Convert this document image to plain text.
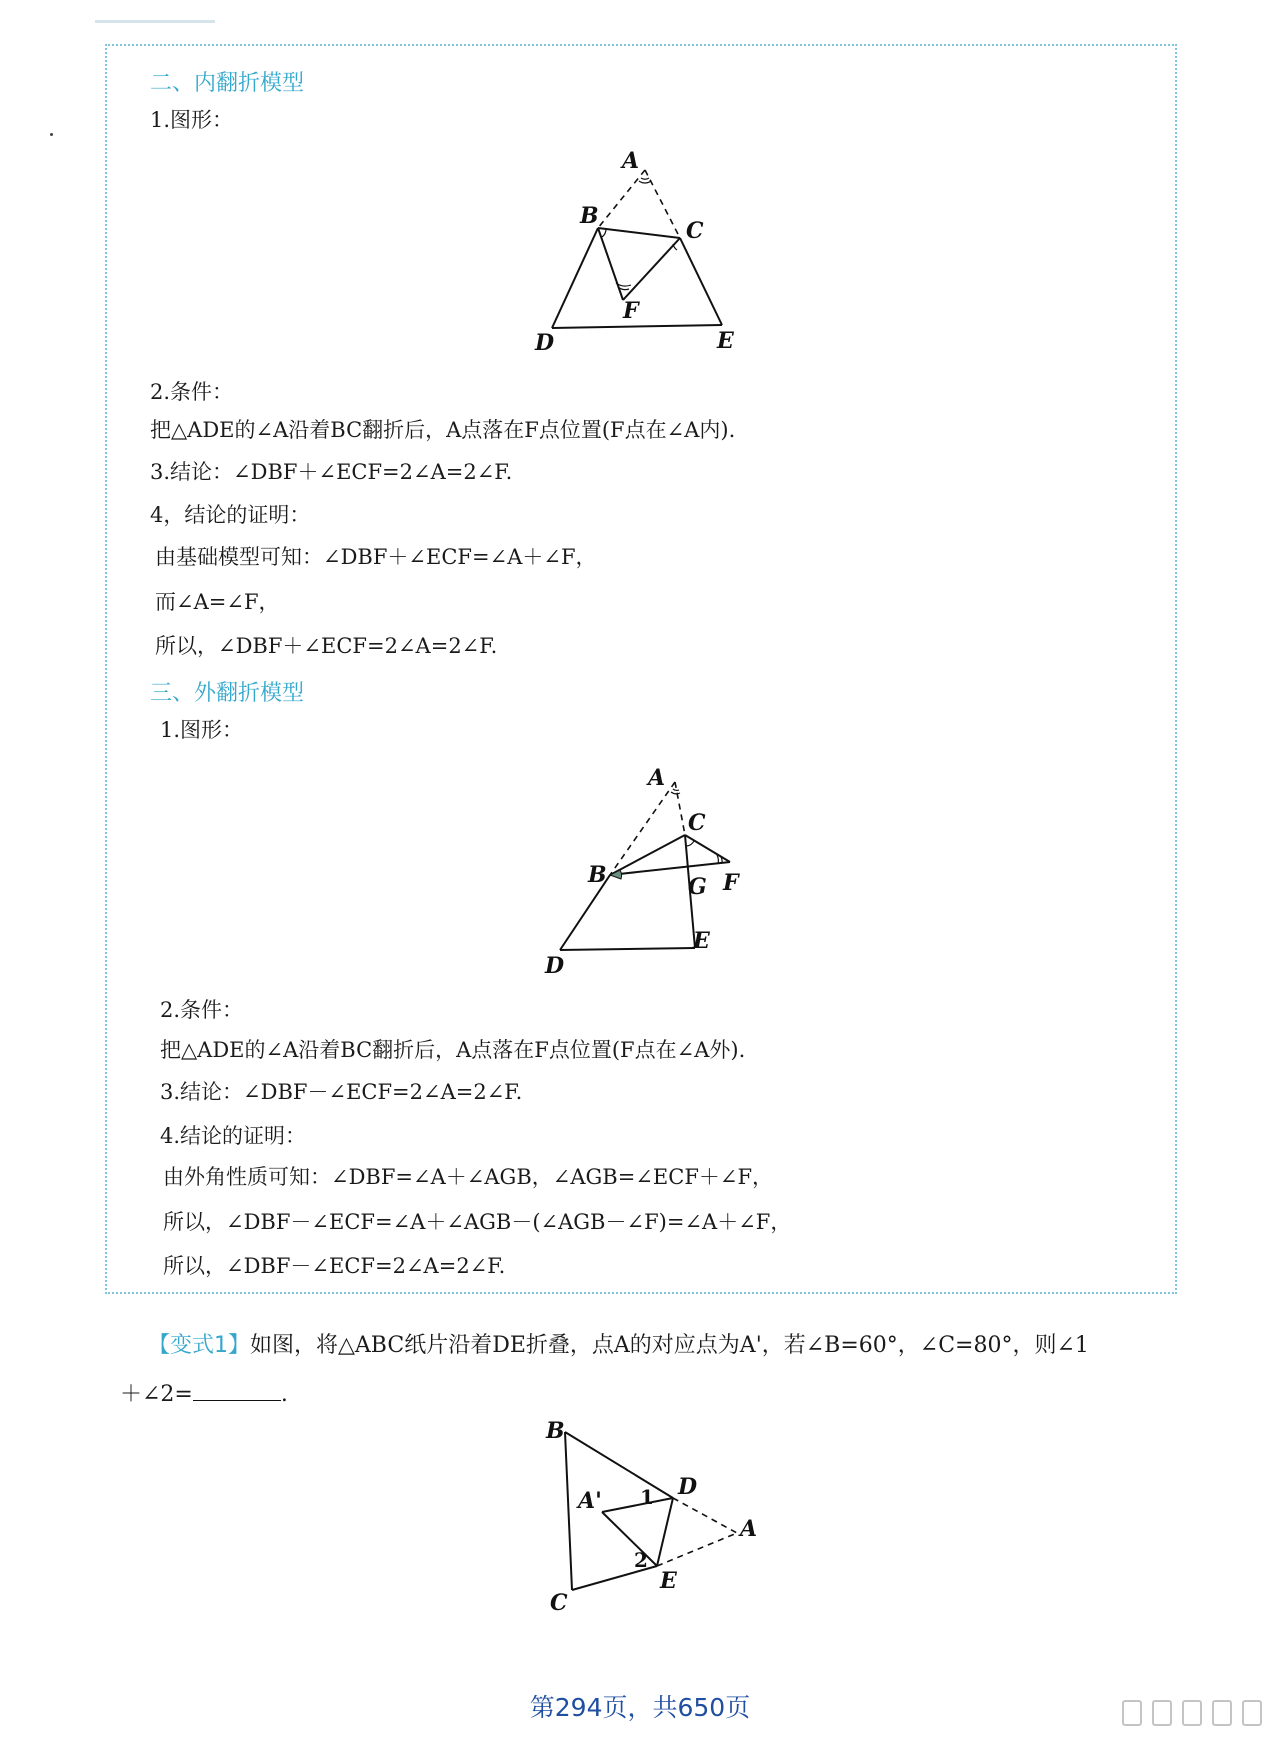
二、内翻折模型
1.图形：
A
B
C
D	E
F
2.条件：
把△ADE的∠A沿着BC翻折后，A点落在F点位置(F点在∠A内).
3.结论：∠DBF＋∠ECF=2∠A=2∠F.
4，结论的证明：
由基础模型可知：∠DBF＋∠ECF=∠A＋∠F，
而∠A=∠F，
所以，∠DBF＋∠ECF=2∠A=2∠F.
三、外翻折模型
1.图形：
A
B
C
D
E
F
G
2.条件：
把△ADE的∠A沿着BC翻折后，A点落在F点位置(F点在∠A外).
3.结论：∠DBF－∠ECF=2∠A=2∠F.
4.结论的证明：
由外角性质可知：∠DBF=∠A＋∠AGB，∠AGB=∠ECF＋∠F，
所以，∠DBF－∠ECF=∠A＋∠AGB－(∠AGB－∠F)=∠A＋∠F，
所以，∠DBF－∠ECF=2∠A=2∠F.
【变式1】如图，将△ABC纸片沿着DE折叠，点A的对应点为A'，若∠B=60°，∠C=80°，则∠1
＋∠2=	.
B
C
D
E
A
A' 1
2
第294页，共650页
